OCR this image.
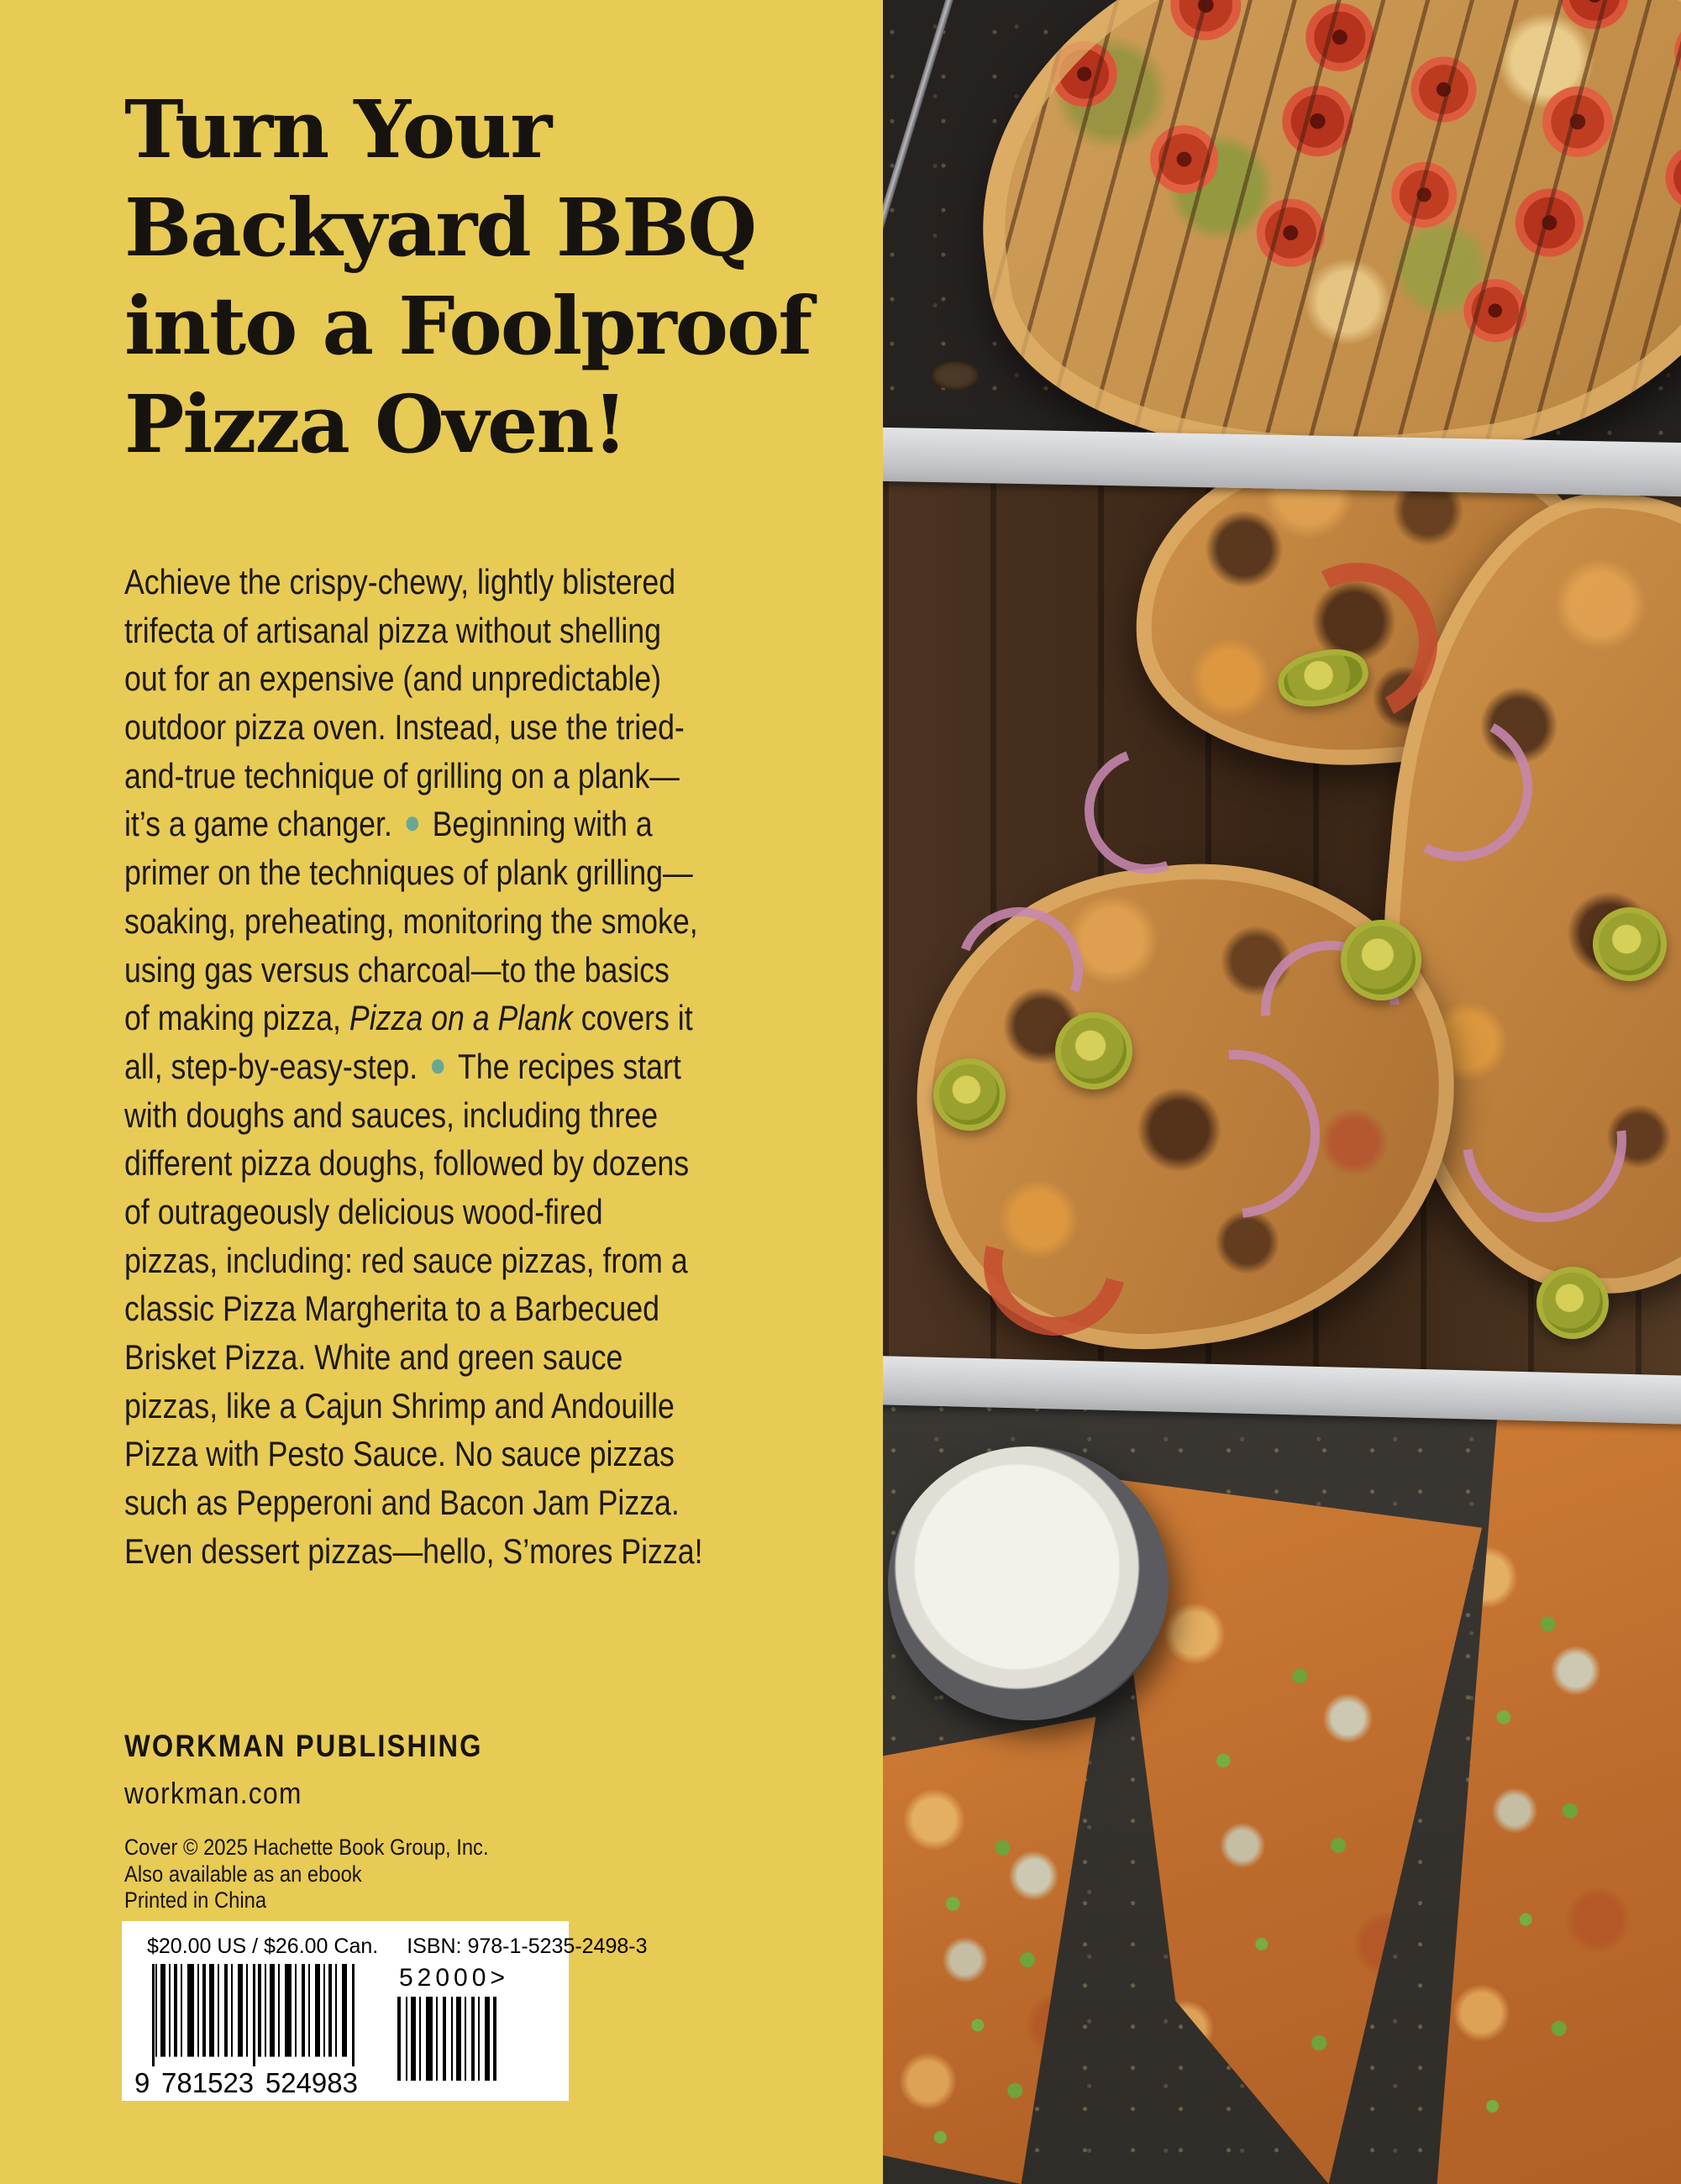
Turn Your
Backyard BBQ
into a Foolproof
Pizza Oven!
Achieve the crispy-chewy, lightly blistered
trifecta of artisanal pizza without shelling
out for an expensive (and unpredictable)
outdoor pizza oven. Instead, use the tried-
and-true technique of grilling on a plank—
it’s a game changer. ● Beginning with a
primer on the techniques of plank grilling—
soaking, preheating, monitoring the smoke,
using gas versus charcoal—to the basics
of making pizza, Pizza on a Plank covers it
all, step-by-easy-step. ● The recipes start
with doughs and sauces, including three
different pizza doughs, followed by dozens
of outrageously delicious wood-fired
pizzas, including: red sauce pizzas, from a
classic Pizza Margherita to a Barbecued
Brisket Pizza. White and green sauce
pizzas, like a Cajun Shrimp and Andouille
Pizza with Pesto Sauce. No sauce pizzas
such as Pepperoni and Bacon Jam Pizza.
Even dessert pizzas—hello, S’mores Pizza!
WORKMAN PUBLISHING
workman.com
Cover © 2025 Hachette Book Group, Inc.
Also available as an ebook
Printed in China
$20.00 US / $26.00 Can. ISBN: 978-1-5235-2498-3
9 781523 524983
52000 >
